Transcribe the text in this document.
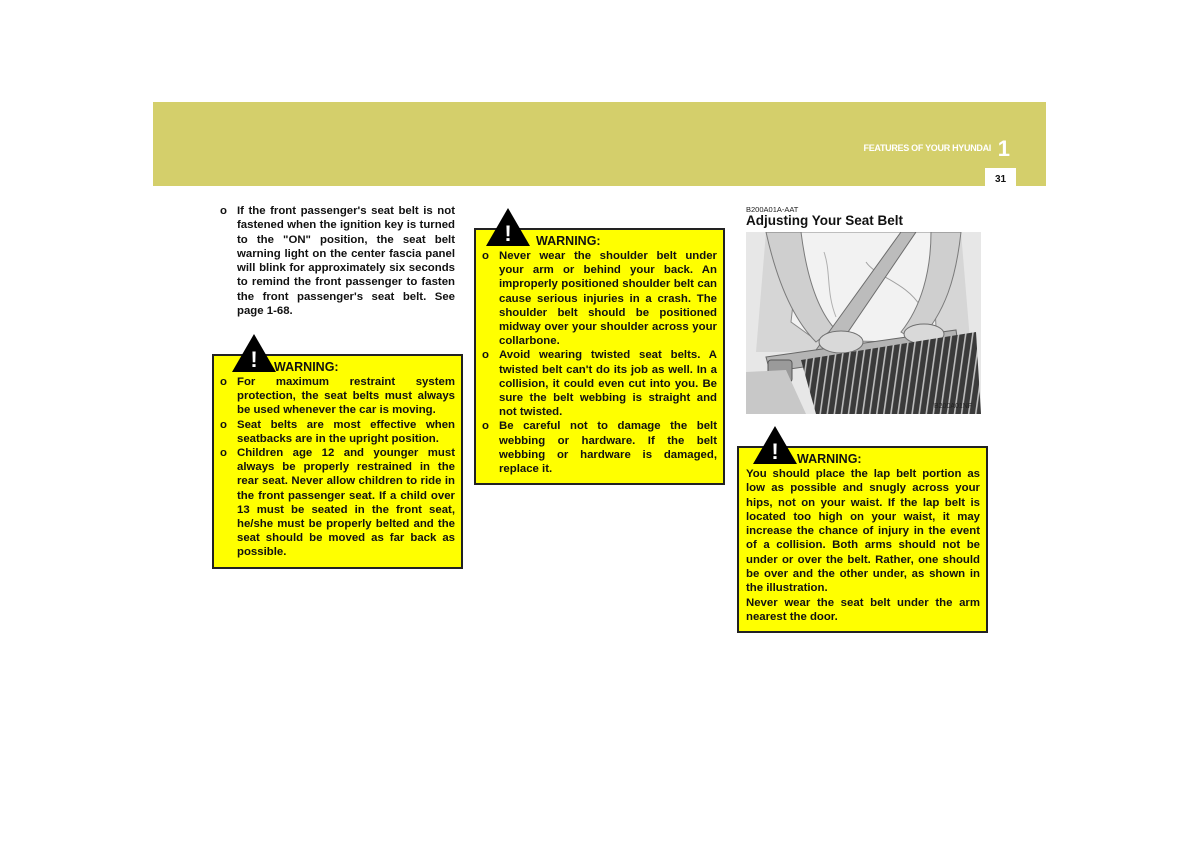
FEATURES OF YOUR HYUNDAI 1
31
o If the front passenger's seat belt is not fastened when the ignition key is turned to the "ON" position, the seat belt warning light on the center fascia panel will blink for approximately six seconds to remind the front passenger to fasten the front passenger's seat belt. See page 1-68.
! WARNING:
o For maximum restraint system protection, the seat belts must always be used whenever the car is moving.
o Seat belts are most effective when seatbacks are in the upright position.
o Children age 12 and younger must always be properly restrained in the rear seat. Never allow children to ride in the front passenger seat. If a child over 13 must be seated in the front seat, he/she must be properly belted and the seat should be moved as far back as possible.
! WARNING:
o Never wear the shoulder belt under your arm or behind your back. An improperly positioned shoulder belt can cause serious injuries in a crash. The shoulder belt should be positioned midway over your shoulder across your collarbone.
o Avoid wearing twisted seat belts. A twisted belt can't do its job as well. In a collision, it could even cut into you. Be sure the belt webbing is straight and not twisted.
o Be careful not to damage the belt webbing or hardware. If the belt webbing or hardware is damaged, replace it.
B200A01A-AAT
Adjusting Your Seat Belt
B200A01NF
! WARNING:

You should place the lap belt portion as low as possible and snugly across your hips, not on your waist. If the lap belt is located too high on your waist, it may increase the chance of injury in the event of a collision. Both arms should not be under or over the belt. Rather, one should be over and the other under, as shown in the illustration.

Never wear the seat belt under the arm nearest the door.
